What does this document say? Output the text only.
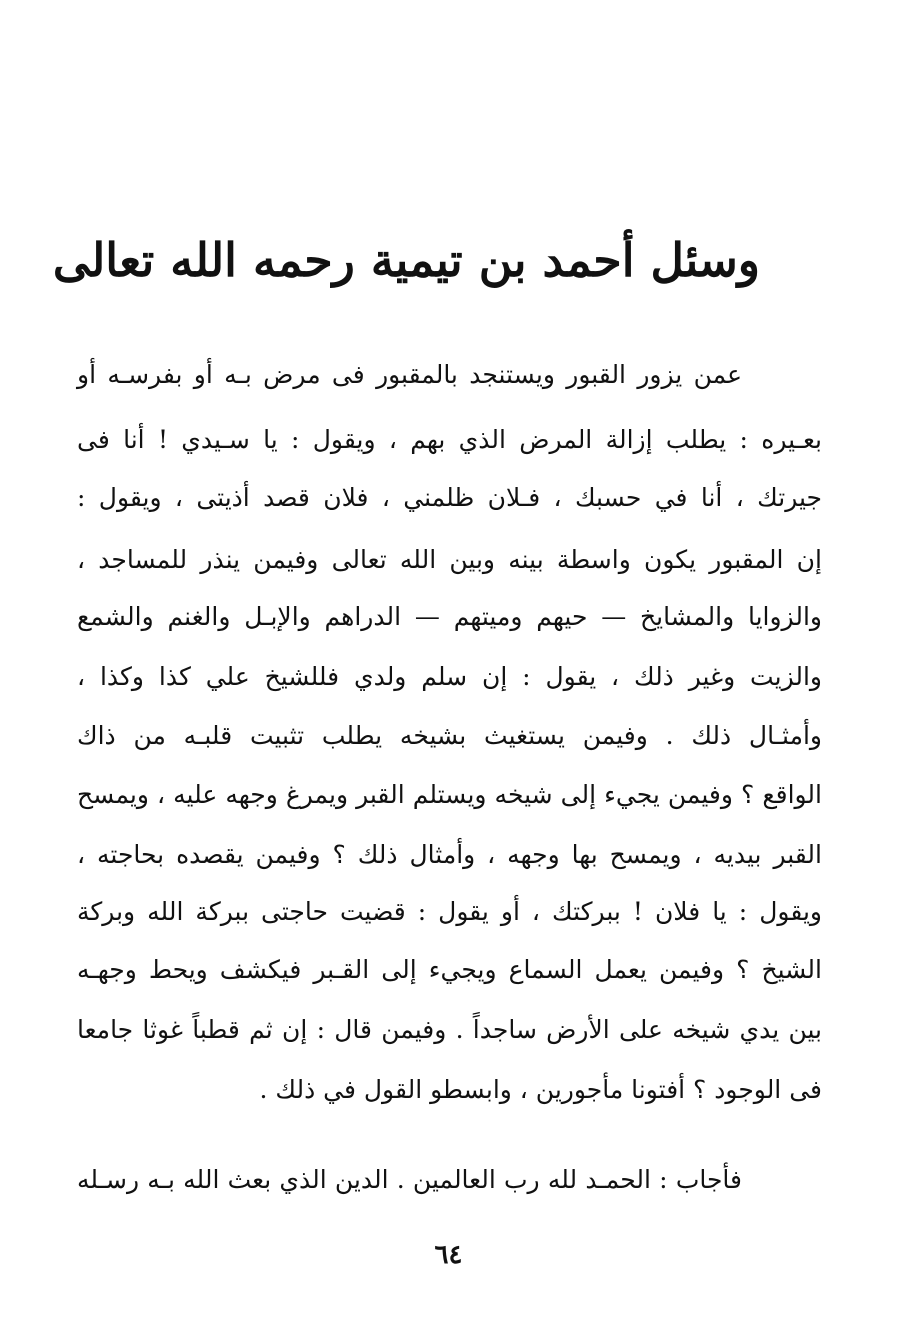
وسئل أحمد بن تيمية رحمه الله تعالى
عمن يزور القبور ويستنجد بالمقبور فى مرض بـه أو بفرسـه أو
بعـيره : يطلب إزالة المرض الذي بهم ، ويقول : يا سـيدي ! أنا فى
جيرتك ، أنا في حسبك ، فـلان ظلمني ، فلان قصد أذيتى ، ويقول :
إن المقبور يكون واسطة بينه وبين الله تعالى وفيمن ينذر للمساجد ،
والزوايا والمشايخ — حيهم وميتهم — الدراهم والإبـل والغنم والشمع
والزيت وغير ذلك ، يقول : إن سلم ولدي فللشيخ علي كذا وكذا ،
وأمثـال ذلك . وفيمن يستغيث بشيخه يطلب تثبيت قلبـه من ذاك
الواقع ؟ وفيمن يجيء إلى شيخه ويستلم القبر ويمرغ وجهه عليه ، ويمسح
القبر بيديه ، ويمسح بها وجهه ، وأمثال ذلك ؟ وفيمن يقصده بحاجته ،
ويقول : يا فلان ! ببركتك ، أو يقول : قضيت حاجتى ببركة الله وبركة
الشيخ ؟ وفيمن يعمل السماع ويجيء إلى القـبر فيكشف ويحط وجهـه
بين يدي شيخه على الأرض ساجداً . وفيمن قال : إن ثم قطباً غوثا جامعا
فى الوجود ؟ أفتونا مأجورين ، وابسطو القول في ذلك .
فأجاب : الحمـد لله رب العالمين . الدين الذي بعث الله بـه رسـله
٦٤
